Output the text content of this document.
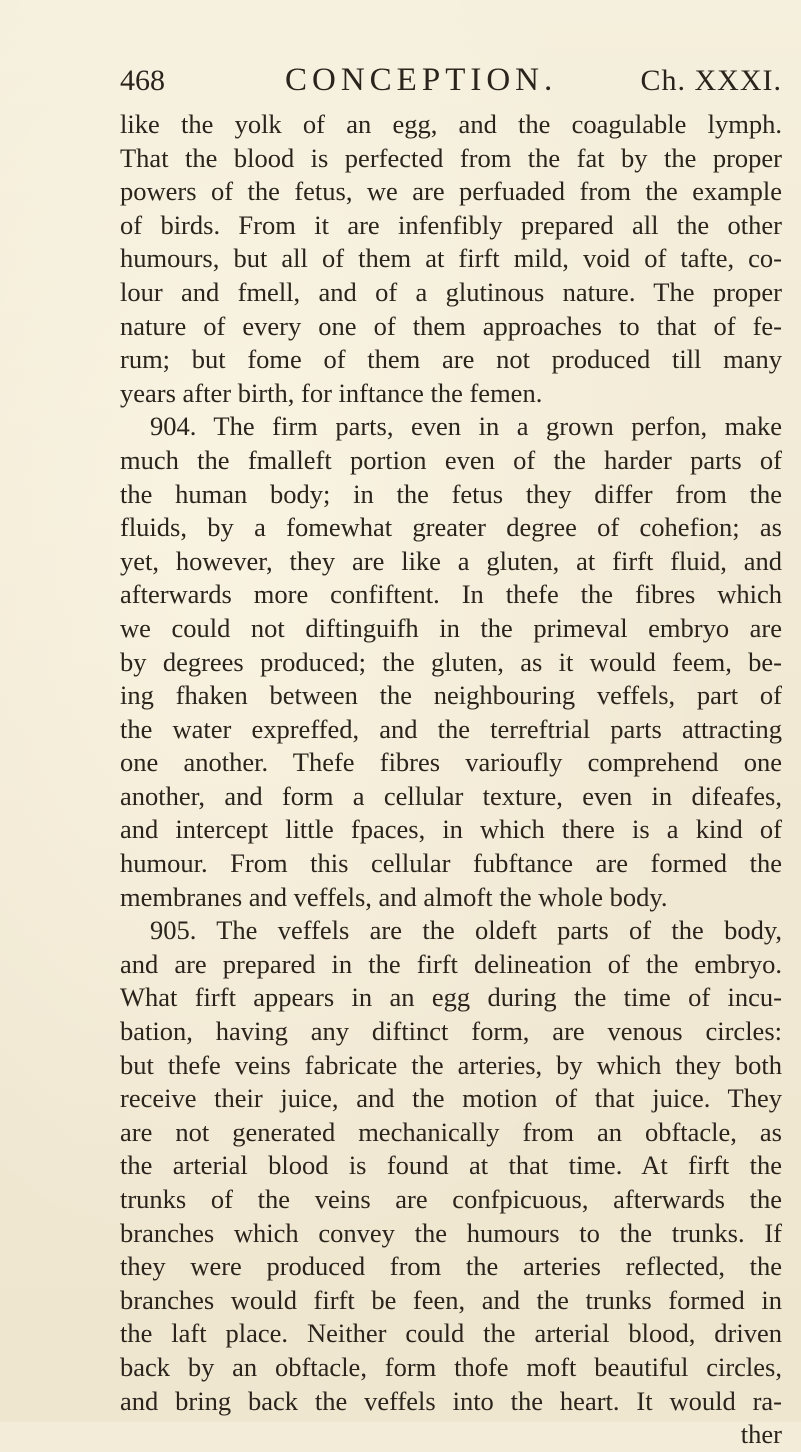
468	CONCEPTION.	Ch. XXXI.
like the yolk of an egg, and the coagulable lymph.
That the blood is perfected from the fat by the proper
powers of the fetus, we are perfuaded from the example
of birds. From it are infenfibly prepared all the other
humours, but all of them at firft mild, void of tafte, co-
lour and fmell, and of a glutinous nature. The proper
nature of every one of them approaches to that of fe-
rum; but fome of them are not produced till many
years after birth, for inftance the femen.
904. The firm parts, even in a grown perfon, make
much the fmalleft portion even of the harder parts of
the human body; in the fetus they differ from the
fluids, by a fomewhat greater degree of cohefion; as
yet, however, they are like a gluten, at firft fluid, and
afterwards more confiftent. In thefe the fibres which
we could not diftinguifh in the primeval embryo are
by degrees produced; the gluten, as it would feem, be-
ing fhaken between the neighbouring veffels, part of
the water expreffed, and the terreftrial parts attracting
one another. Thefe fibres varioufly comprehend one
another, and form a cellular texture, even in difeafes,
and intercept little fpaces, in which there is a kind of
humour. From this cellular fubftance are formed the
membranes and veffels, and almoft the whole body.
905. The veffels are the oldeft parts of the body,
and are prepared in the firft delineation of the embryo.
What firft appears in an egg during the time of incu-
bation, having any diftinct form, are venous circles:
but thefe veins fabricate the arteries, by which they both
receive their juice, and the motion of that juice. They
are not generated mechanically from an obftacle, as
the arterial blood is found at that time. At firft the
trunks of the veins are confpicuous, afterwards the
branches which convey the humours to the trunks. If
they were produced from the arteries reflected, the
branches would firft be feen, and the trunks formed in
the laft place. Neither could the arterial blood, driven
back by an obftacle, form thofe moft beautiful circles,
and bring back the veffels into the heart. It would ra-
ther
